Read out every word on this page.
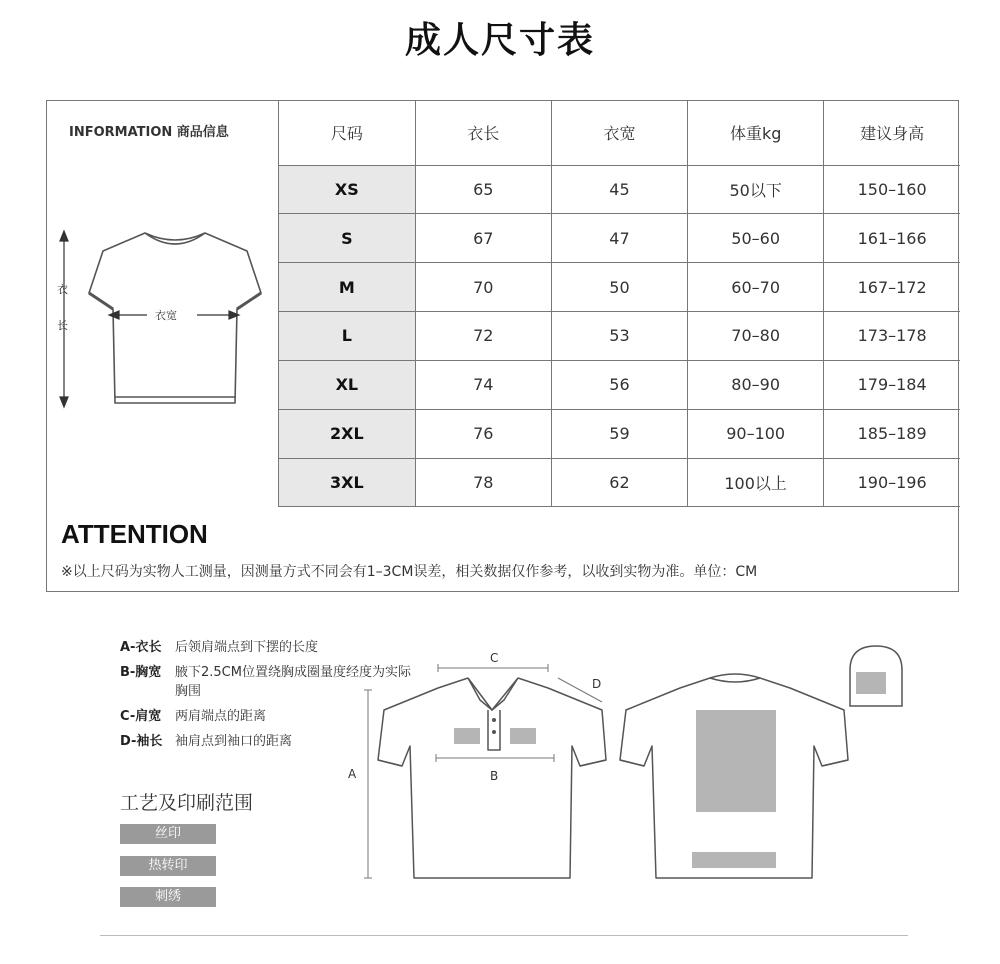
成人尺寸表
INFORMATION 商品信息
衣
长
衣宽
尺码	衣长	衣宽	体重kg	建议身高
XS	65	45	50以下	150–160
S	67	47	50–60	161–166
M	70	50	60–70	167–172
L	72	53	70–80	173–178
XL	74	56	80–90	179–184
2XL	76	59	90–100	185–189
3XL	78	62	100以上	190–196
ATTENTION
※以上尺码为实物人工测量，因测量方式不同会有1–3CM误差，相关数据仅作参考，以收到实物为准。单位：CM
A-衣长	后领肩端点到下摆的长度
B-胸宽	腋下2.5CM位置绕胸成圈量度经度为实际胸围
C-肩宽	两肩端点的距离
D-袖长 袖肩点到袖口的距离
工艺及印刷范围
丝印
热转印
刺绣
C
B
A
D
